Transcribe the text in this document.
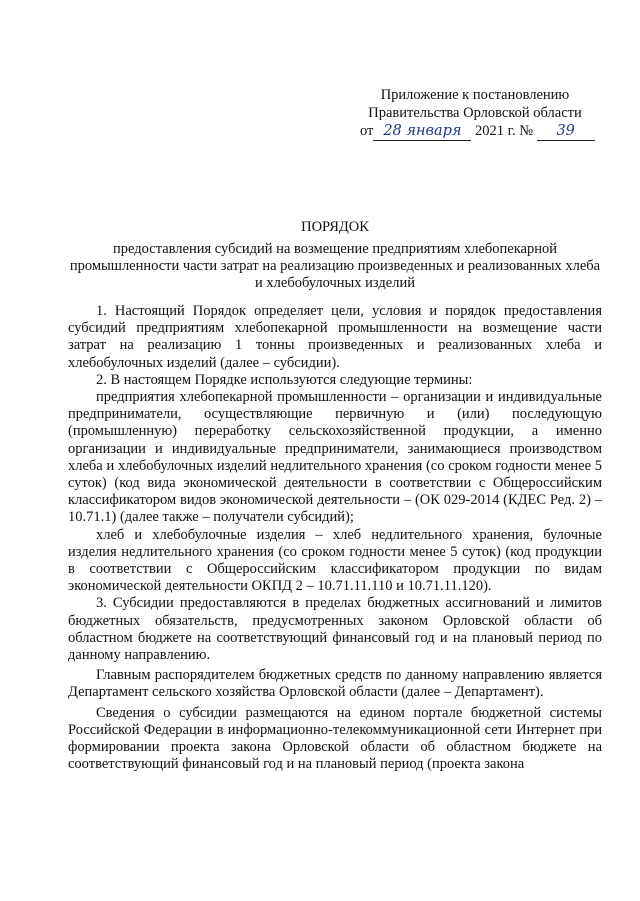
Приложение к постановлению
Правительства Орловской области
от 28 января 2021 г. № 39
ПОРЯДОК
предоставления субсидий на возмещение предприятиям хлебопекарной промышленности части затрат на реализацию произведенных и реализованных хлеба и хлебобулочных изделий

1. Настоящий Порядок определяет цели, условия и порядок предоставления субсидий предприятиям хлебопекарной промышленности на возмещение части затрат на реализацию 1 тонны произведенных и реализованных хлеба и хлебобулочных изделий (далее – субсидии).

2. В настоящем Порядке используются следующие термины:

предприятия хлебопекарной промышленности – организации и индивидуальные предприниматели, осуществляющие первичную и (или) последующую (промышленную) переработку сельскохозяйственной продукции, а именно организации и индивидуальные предприниматели, занимающиеся производством хлеба и хлебобулочных изделий недлительного хранения (со сроком годности менее 5 суток) (код вида экономической деятельности в соответствии с Общероссийским классификатором видов экономической деятельности – (ОК 029-2014 (КДЕС Ред. 2) – 10.71.1) (далее также – получатели субсидий);

хлеб и хлебобулочные изделия – хлеб недлительного хранения, булочные изделия недлительного хранения (со сроком годности менее 5 суток) (код продукции в соответствии с Общероссийским классификатором продукции по видам экономической деятельности ОКПД 2 – 10.71.11.110 и 10.71.11.120).

3. Субсидии предоставляются в пределах бюджетных ассигнований и лимитов бюджетных обязательств, предусмотренных законом Орловской области об областном бюджете на соответствующий финансовый год и на плановый период по данному направлению.

Главным распорядителем бюджетных средств по данному направлению является Департамент сельского хозяйства Орловской области (далее – Департамент).

Сведения о субсидии размещаются на едином портале бюджетной системы Российской Федерации в информационно-телекоммуникационной сети Интернет при формировании проекта закона Орловской области об областном бюджете на соответствующий финансовый год и на плановый период (проекта закона
